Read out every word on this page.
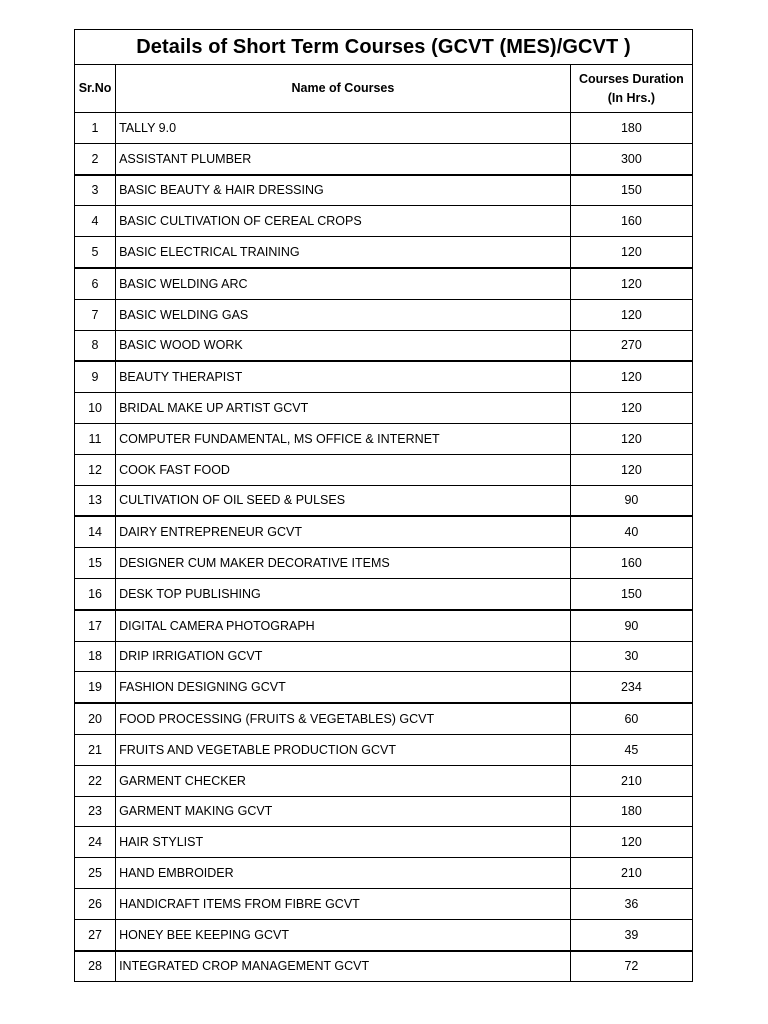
Details of Short Term Courses (GCVT (MES)/GCVT )		
Sr.No	Name of Courses	Courses Duration
(In Hrs.)
1	TALLY 9.0	180
2	ASSISTANT PLUMBER	300
3	BASIC BEAUTY & HAIR DRESSING	150
4	BASIC CULTIVATION OF CEREAL CROPS	160
5	BASIC ELECTRICAL TRAINING	120
6	BASIC WELDING ARC	120
7	BASIC WELDING GAS	120
8	BASIC WOOD WORK	270
9	BEAUTY THERAPIST	120
10	BRIDAL MAKE UP ARTIST GCVT	120
11	COMPUTER FUNDAMENTAL, MS OFFICE & INTERNET	120
12	COOK FAST FOOD	120
13	CULTIVATION OF OIL SEED & PULSES	90
14	DAIRY ENTREPRENEUR GCVT	40
15	DESIGNER CUM MAKER DECORATIVE ITEMS	160
16	DESK TOP PUBLISHING	150
17	DIGITAL CAMERA PHOTOGRAPH	90
18	DRIP IRRIGATION GCVT	30
19	FASHION DESIGNING GCVT	234
20	FOOD PROCESSING (FRUITS & VEGETABLES) GCVT	60
21	FRUITS AND VEGETABLE PRODUCTION GCVT	45
22	GARMENT CHECKER	210
23	GARMENT MAKING GCVT	180
24	HAIR STYLIST	120
25	HAND EMBROIDER	210
26	HANDICRAFT ITEMS FROM FIBRE GCVT	36
27	HONEY BEE KEEPING GCVT	39
28	INTEGRATED CROP MANAGEMENT GCVT	72
